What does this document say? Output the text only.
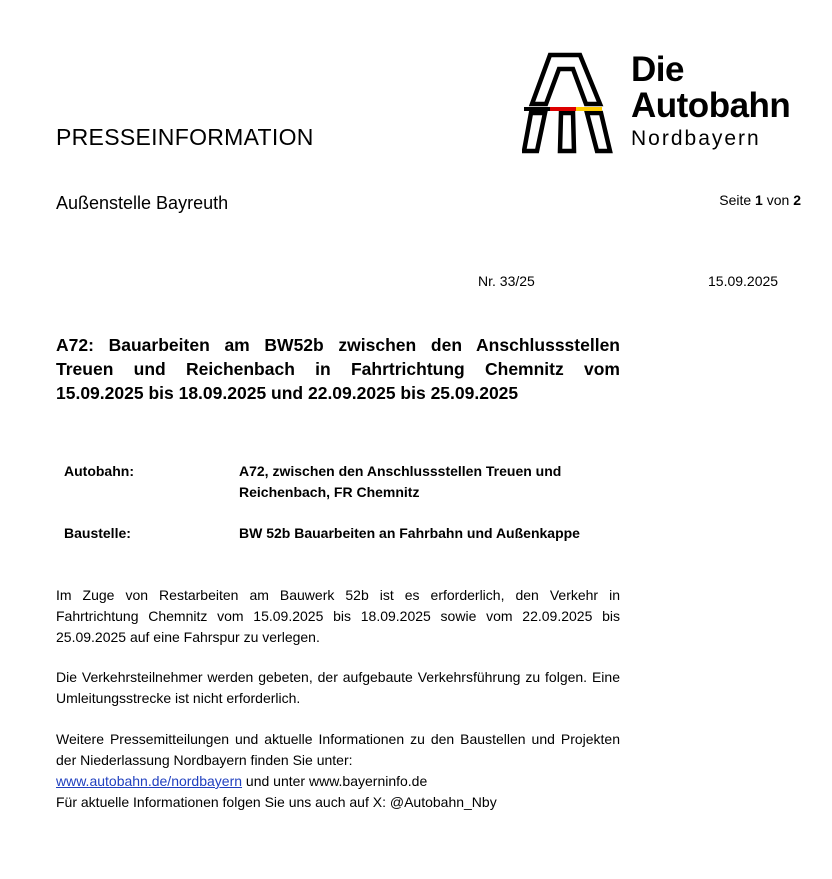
Die
Autobahn
Nordbayern
PRESSEINFORMATION
Außenstelle Bayreuth	Seite 1 von 2
Nr. 33/25	15.09.2025
A72: Bauarbeiten am BW52b zwischen den Anschlussstellen Treuen und Reichenbach in Fahrtrichtung Chemnitz vom 15.09.2025 bis 18.09.2025 und 22.09.2025 bis 25.09.2025
Autobahn:	A72, zwischen den Anschlussstellen Treuen und
Reichenbach, FR Chemnitz
Baustelle:	BW 52b Bauarbeiten an Fahrbahn und Außenkappe
Im Zuge von Restarbeiten am Bauwerk 52b ist es erforderlich, den Verkehr in Fahrtrichtung Chemnitz vom 15.09.2025 bis 18.09.2025 sowie vom 22.09.2025 bis 25.09.2025 auf eine Fahrspur zu verlegen.
Die Verkehrsteilnehmer werden gebeten, der aufgebaute Verkehrsführung zu folgen. Eine Umleitungsstrecke ist nicht erforderlich.
Weitere Pressemitteilungen und aktuelle Informationen zu den Baustellen und Projekten der Niederlassung Nordbayern finden Sie unter:
www.autobahn.de/nordbayern und unter www.bayerninfo.de
Für aktuelle Informationen folgen Sie uns auch auf X: @Autobahn_Nby
